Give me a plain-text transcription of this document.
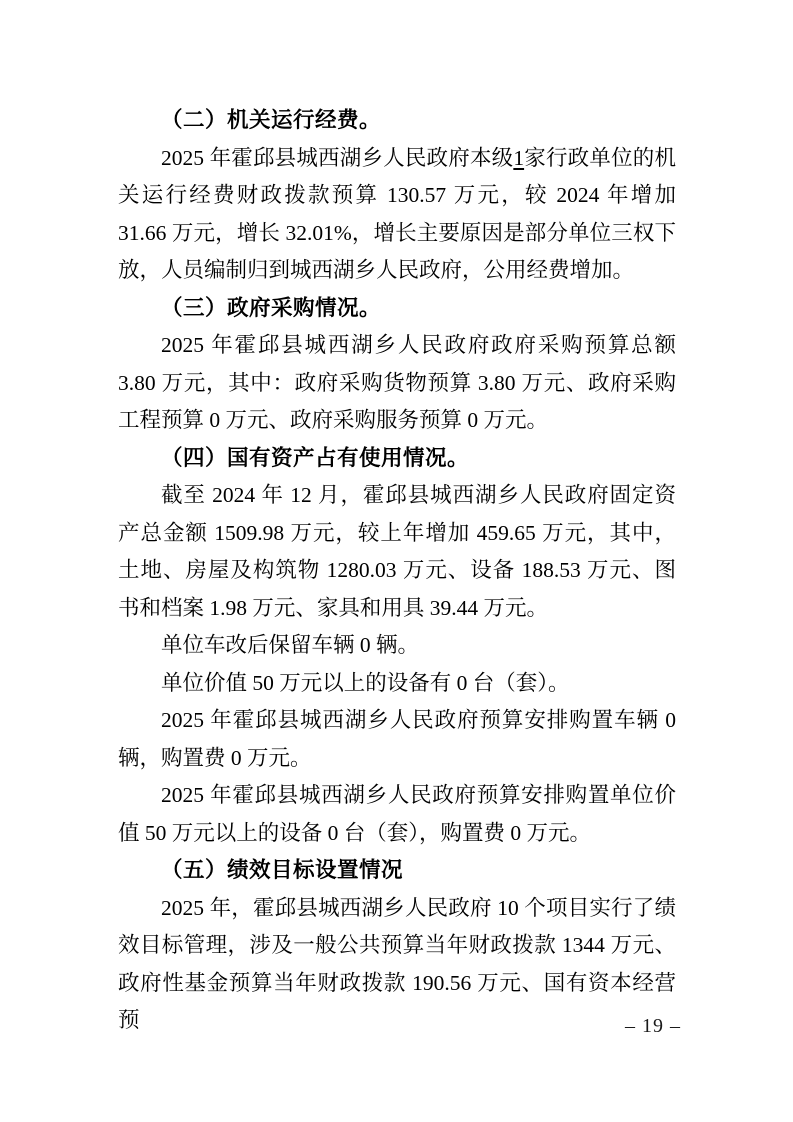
（二）机关运行经费。

2025 年霍邱县城西湖乡人民政府本级1家行政单位的机关运行经费财政拨款预算 130.57 万元，较 2024 年增加 31.66 万元，增长 32.01%，增长主要原因是部分单位三权下放，人员编制归到城西湖乡人民政府，公用经费增加。

（三）政府采购情况。

2025 年霍邱县城西湖乡人民政府政府采购预算总额 3.80 万元，其中：政府采购货物预算 3.80 万元、政府采购工程预算 0 万元、政府采购服务预算 0 万元。

（四）国有资产占有使用情况。

截至 2024 年 12 月，霍邱县城西湖乡人民政府固定资产总金额 1509.98 万元，较上年增加 459.65 万元，其中，土地、房屋及构筑物 1280.03 万元、设备 188.53 万元、图书和档案 1.98 万元、家具和用具 39.44 万元。

单位车改后保留车辆 0 辆。

单位价值 50 万元以上的设备有 0 台（套）。

2025 年霍邱县城西湖乡人民政府预算安排购置车辆 0 辆，购置费 0 万元。

2025 年霍邱县城西湖乡人民政府预算安排购置单位价值 50 万元以上的设备 0 台（套），购置费 0 万元。

（五）绩效目标设置情况

2025 年，霍邱县城西湖乡人民政府 10 个项目实行了绩效目标管理，涉及一般公共预算当年财政拨款 1344 万元、政府性基金预算当年财政拨款 190.56 万元、国有资本经营预	– 19 –
